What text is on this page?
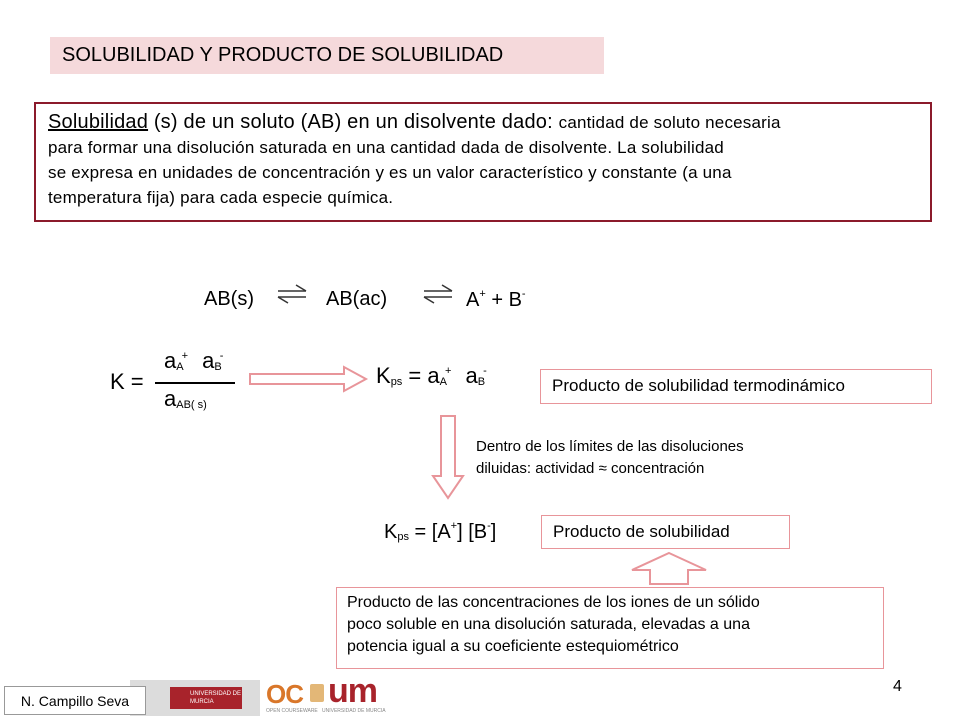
SOLUBILIDAD Y PRODUCTO DE SOLUBILIDAD
Solubilidad (s) de un soluto (AB) en un disolvente dado: cantidad de soluto necesaria
para formar una disolución saturada en una cantidad dada de disolvente. La solubilidad
se expresa en unidades de concentración y es un valor característico y constante (a una
temperatura fija) para cada especie química.
AB(s) ⇌ AB(ac) ⇌ A+ + B-
K =
aA+ aB-
aAB( s)
Kps = aA+ aB-
Producto de solubilidad termodinámico
Dentro de los límites de las disoluciones
diluidas: actividad ≈ concentración
Kps = [A+] [B-]	Producto de solubilidad
Producto de las concentraciones de los iones de un sólido
poco soluble en una disolución saturada, elevadas a una
potencia igual a su coeficiente estequiométrico
4
N. Campillo Seva	UNIVERSIDAD DE
MURCIA	OC
OPEN COURSEWARE
um
UNIVERSIDAD DE MURCIA
